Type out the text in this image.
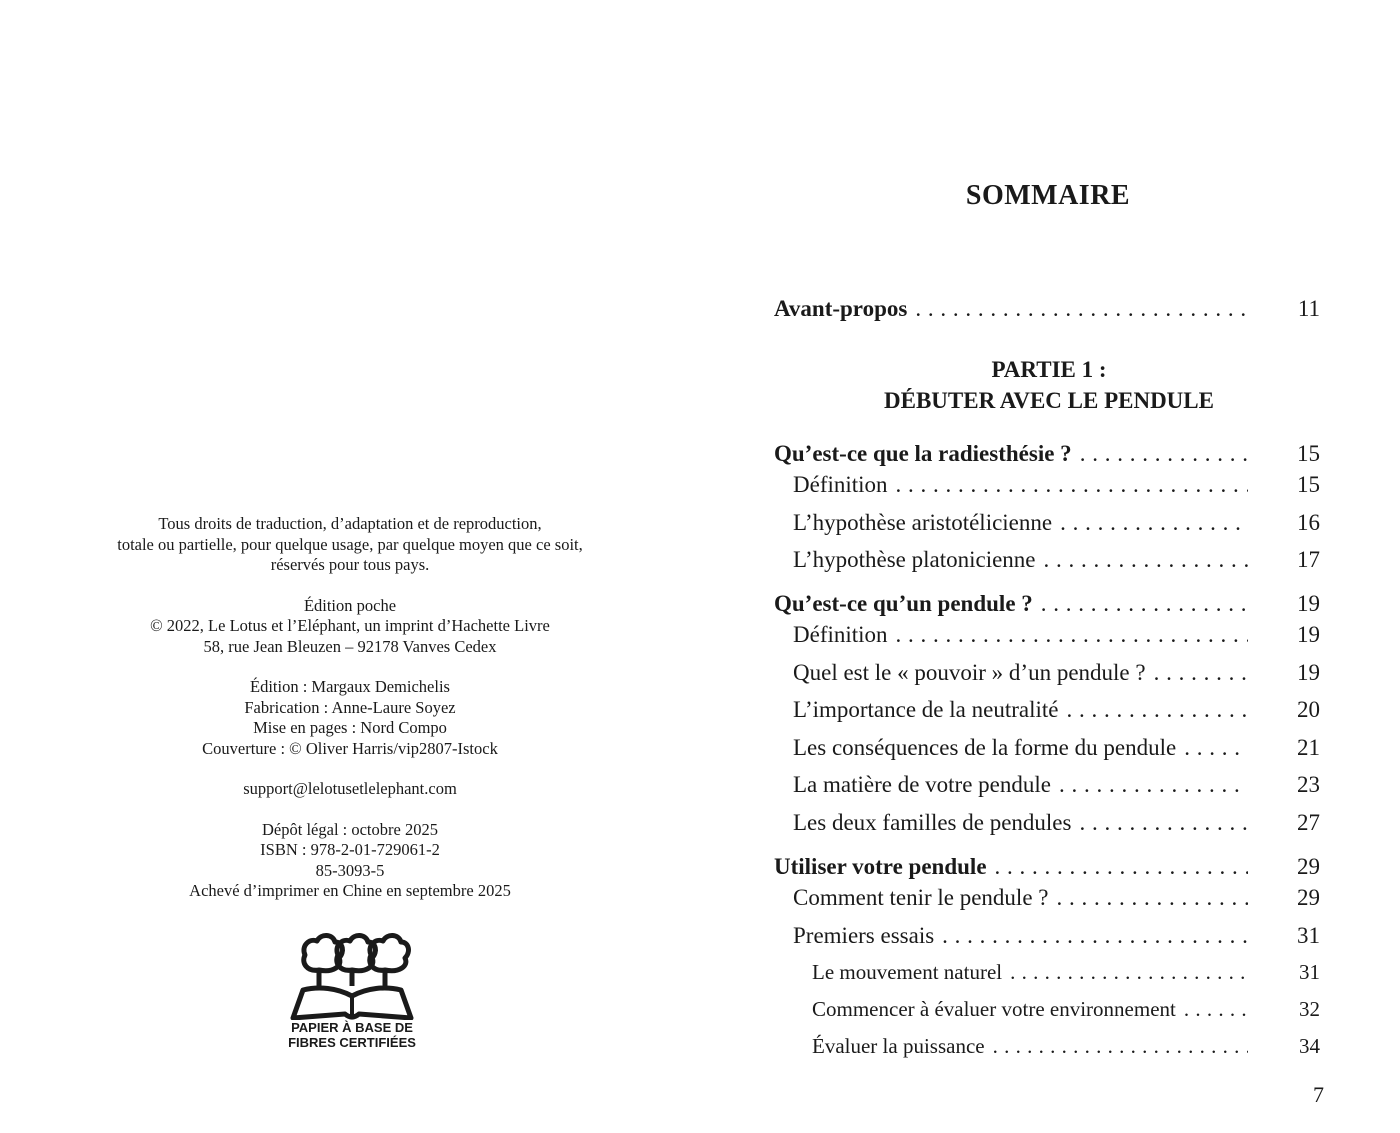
Tous droits de traduction, d’adaptation et de reproduction,
totale ou partielle, pour quelque usage, par quelque moyen que ce soit,
réservés pour tous pays.
Édition poche
© 2022, Le Lotus et l’Eléphant, un imprint d’Hachette Livre
58, rue Jean Bleuzen – 92178 Vanves Cedex
Édition : Margaux Demichelis
Fabrication : Anne-Laure Soyez
Mise en pages : Nord Compo
Couverture : © Oliver Harris/vip2807-Istock
support@lelotusetlelephant.com
Dépôt légal : octobre 2025
ISBN : 978-2-01-729061-2
85-3093-5
Achevé d’imprimer en Chine en septembre 2025
PAPIER À BASE DE
FIBRES CERTIFIÉES
SOMMAIRE
Avant-propos . . .	11
PARTIE 1 :
DÉBUTER AVEC LE PENDULE
Qu’est-ce que la radiesthésie ? . . .	15
Définition . . .	15
L’hypothèse aristotélicienne . . .	16
L’hypothèse platonicienne . . .	17
Qu’est-ce qu’un pendule ? . . .	19
Définition . . .	19
Quel est le « pouvoir » d’un pendule ? . . .	19
L’importance de la neutralité . . .	20
Les conséquences de la forme du pendule . . .	21
La matière de votre pendule . . .	23
Les deux familles de pendules . . .	27
Utiliser votre pendule . . .	29
Comment tenir le pendule ? . . .	29
Premiers essais . . .	31
Le mouvement naturel . . .	31
Commencer à évaluer votre environnement . . .	32
Évaluer la puissance . . .	34
7
